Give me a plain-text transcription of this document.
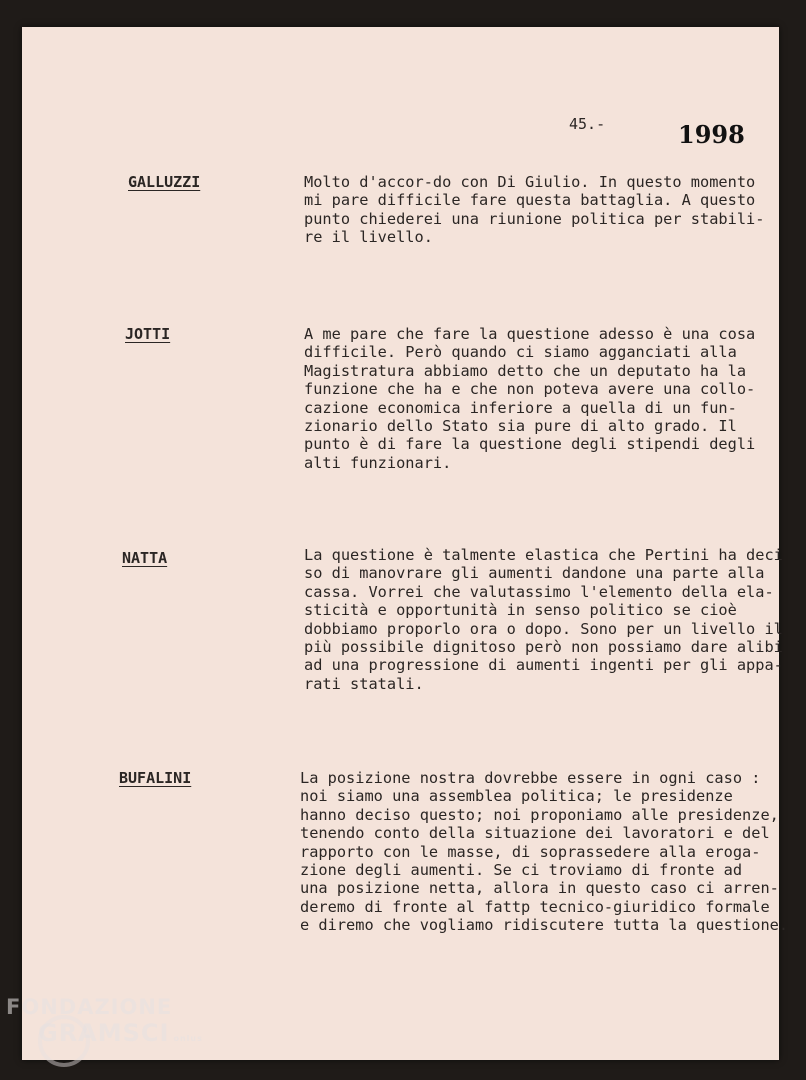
45.-	1998
GALLUZZI	Molto d'accor-do con Di Giulio. In questo momento
mi pare difficile fare questa battaglia. A questo
punto chiederei una riunione politica per stabili-
re il livello.

JOTTI	A me pare che fare la questione adesso è una cosa
difficile. Però quando ci siamo agganciati alla
Magistratura abbiamo detto che un deputato ha la
funzione che ha e che non poteva avere una collo-
cazione economica inferiore a quella di un fun-
zionario dello Stato sia pure di alto grado. Il
punto è di fare la questione degli stipendi degli
alti funzionari.

NATTA	La questione è talmente elastica che Pertini ha deci
so di manovrare gli aumenti dandone una parte alla
cassa. Vorrei che valutassimo l'elemento della ela-
sticità e opportunità in senso politico se cioè
dobbiamo proporlo ora o dopo. Sono per un livello il
più possibile dignitoso però non possiamo dare alibi
ad una progressione di aumenti ingenti per gli appa-
rati statali.

BUFALINI	La posizione nostra dovrebbe essere in ogni caso :
noi siamo una assemblea politica; le presidenze
hanno deciso questo; noi proponiamo alle presidenze,
tenendo conto della situazione dei lavoratori e del
rapporto con le masse, di soprassedere alla eroga-
zione degli aumenti. Se ci troviamo di fronte ad
una posizione netta, allora in questo caso ci arren-
deremo di fronte al fattp tecnico-giuridico formale
e diremo che vogliamo ridiscutere tutta la questione.

FONDAZIONE
GRAMSCI onlus
